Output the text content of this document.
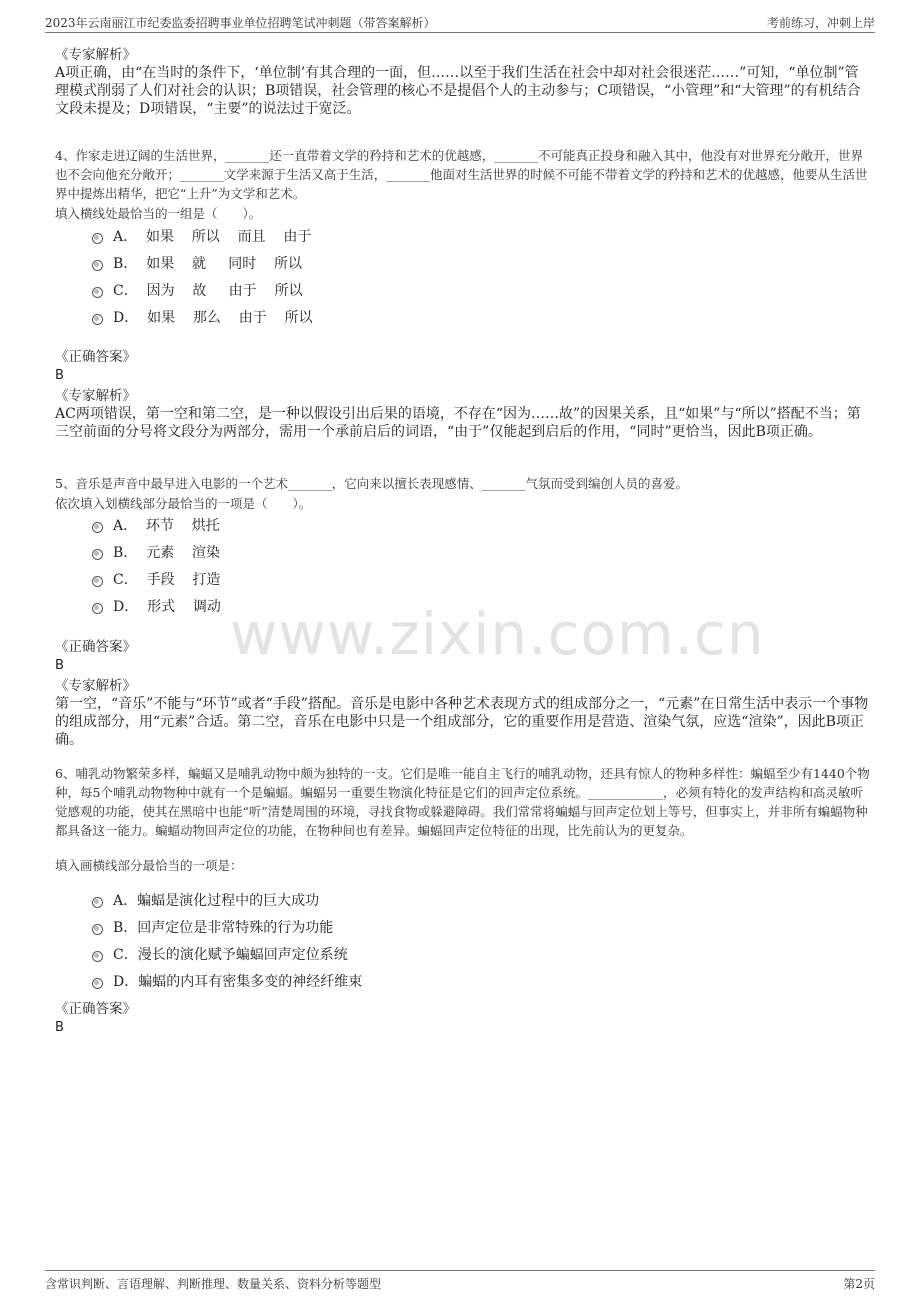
2023年云南丽江市纪委监委招聘事业单位招聘笔试冲刺题（带答案解析）	考前练习，冲刺上岸
www.zixin.com.cn
《专家解析》
A项正确，由“在当时的条件下，‘单位制’有其合理的一面，但……以至于我们生活在社会中却对社会很迷茫……”可知，“单位制”管理模式削弱了人们对社会的认识；B项错误，社会管理的核心不是提倡个人的主动参与；C项错误，“小管理”和“大管理”的有机结合文段未提及；D项错误，“主要”的说法过于宽泛。
4、作家走进辽阔的生活世界，_______还一直带着文学的矜持和艺术的优越感，_______不可能真正投身和融入其中，他没有对世界充分敞开，世界也不会向他充分敞开；_______文学来源于生活又高于生活，_______他面对生活世界的时候不可能不带着文学的矜持和艺术的优越感，他要从生活世界中提炼出精华，把它“上升”为文学和艺术。
填入横线处最恰当的一组是（　　）。
A．  如果    所以    而且    由于
B．  如果    就     同时    所以
C．  因为    故     由于    所以
D．  如果    那么    由于    所以
《正确答案》
B
《专家解析》
AC两项错误，第一空和第二空，是一种以假设引出后果的语境，不存在“因为……故”的因果关系，且“如果”与“所以”搭配不当；第三空前面的分号将文段分为两部分，需用一个承前启后的词语，“由于”仅能起到启后的作用，“同时”更恰当，因此B项正确。
5、音乐是声音中最早进入电影的一个艺术_______，它向来以擅长表现感情、_______气氛而受到编创人员的喜爱。
依次填入划横线部分最恰当的一项是（　　）。
A．  环节    烘托
B．  元素    渲染
C．  手段    打造
D．  形式    调动
《正确答案》
B
《专家解析》
第一空，“音乐”不能与“环节”或者“手段”搭配。音乐是电影中各种艺术表现方式的组成部分之一，“元素”在日常生活中表示一个事物的组成部分，用“元素”合适。第二空，音乐在电影中只是一个组成部分，它的重要作用是营造、渲染气氛，应选“渲染”，因此B项正确。
6、哺乳动物繁荣多样，蝙蝠又是哺乳动物中颇为独特的一支。它们是唯一能自主飞行的哺乳动物，还具有惊人的物种多样性：蝙蝠至少有1440个物种，每5个哺乳动物物种中就有一个是蝙蝠。蝙蝠另一重要生物演化特征是它们的回声定位系统。____________，必须有特化的发声结构和高灵敏听觉感观的功能，使其在黑暗中也能“听”清楚周围的环境，寻找食物或躲避障碍。我们常常将蝙蝠与回声定位划上等号，但事实上，并非所有蝙蝠物种都具备这一能力。蝙蝠动物回声定位的功能，在物种间也有差异。蝙蝠回声定位特征的出现，比先前认为的更复杂。
填入画横线部分最恰当的一项是：
A．蝙蝠是演化过程中的巨大成功
B．回声定位是非常特殊的行为功能
C．漫长的演化赋予蝙蝠回声定位系统
D．蝙蝠的内耳有密集多变的神经纤维束
《正确答案》
B
含常识判断、言语理解、判断推理、数量关系、资料分析等题型	第2页
